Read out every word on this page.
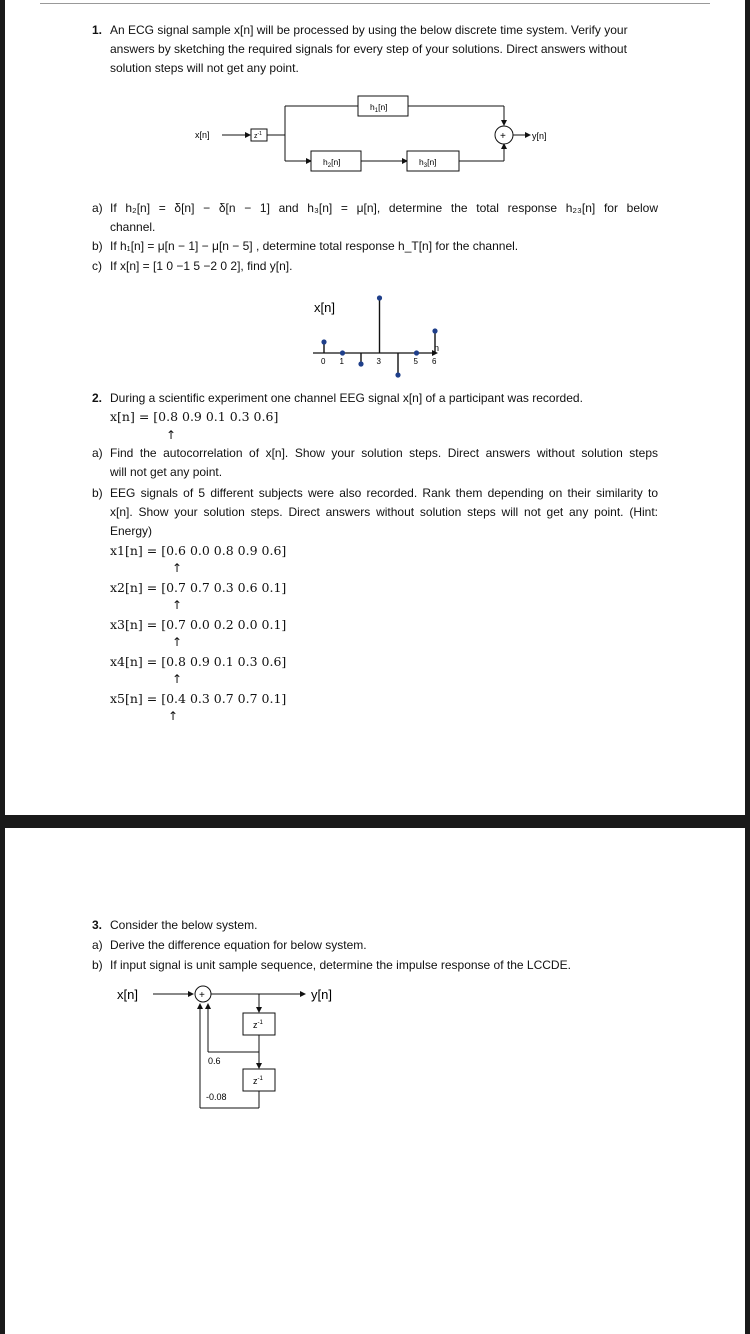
1. An ECG signal sample x[n] will be processed by using the below discrete time system. Verify your
answers by sketching the required signals for every step of your solutions. Direct answers without
solution steps will not get any point.
x[n]	$z^{-1}$
$h_1[n]$
$h_2[n]$	$h_3[n]$
+	y[n]
a) If h₂[n] = δ[n] − δ[n − 1] and h₃[n] = μ[n], determine the total response h₂₃[n] for below
channel.
b) If h₁[n] = μ[n − 1] − μ[n − 5] , determine total response h_T[n] for the channel.
c) If x[n] = [1 0 −1 5 −2 0 2], find y[n].
x[n]
n
0 1	3	5 6
2. During a scientific experiment one channel EEG signal x[n] of a participant was recorded.
x[n] = [0.8 0.9 0.1 0.3 0.6]
↑
a) Find the autocorrelation of x[n]. Show your solution steps. Direct answers without solution steps
will not get any point.
b) EEG signals of 5 different subjects were also recorded. Rank them depending on their similarity to
x[n]. Show your solution steps. Direct answers without solution steps will not get any point. (Hint:
Energy)
x1[n] = [0.6 0.0 0.8 0.9 0.6]
↑
x2[n] = [0.7 0.7 0.3 0.6 0.1]
↑
x3[n] = [0.7 0.0 0.2 0.0 0.1]
↑
x4[n] = [0.8 0.9 0.1 0.3 0.6]
↑
x5[n] = [0.4 0.3 0.7 0.7 0.1]
↑
3. Consider the below system.
a) Derive the difference equation for below system.
b) If input signal is unit sample sequence, determine the impulse response of the LCCDE.
x[n]	+	y[n]
$z^{-1}$
$z^{-1}$
0.6
-0.08
